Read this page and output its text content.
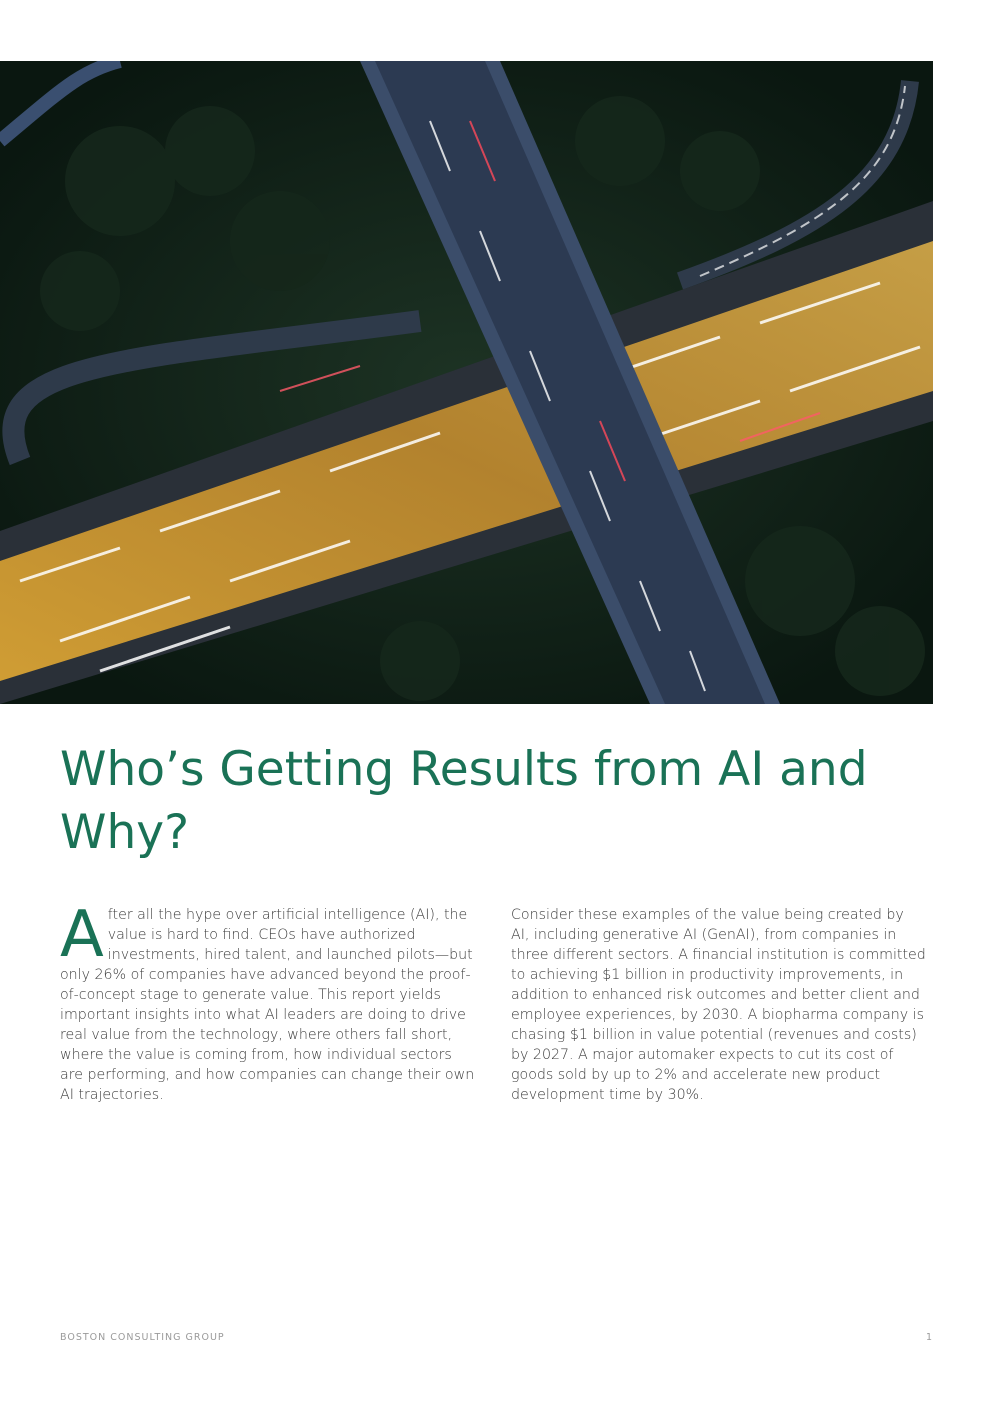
Who’s Getting Results from AI and Why?

After all the hype over artificial intelligence (AI), the value is hard to find. CEOs have authorized investments, hired talent, and launched pilots—but only 26% of companies have advanced beyond the proof-of-concept stage to generate value. This report yields important insights into what AI leaders are doing to drive real value from the technology, where others fall short, where the value is coming from, how individual sectors are performing, and how companies can change their own AI trajectories.

Consider these examples of the value being created by AI, including generative AI (GenAI), from companies in three different sectors. A financial institution is committed to achieving $1 billion in productivity improvements, in addition to enhanced risk outcomes and better client and employee experiences, by 2030. A biopharma company is chasing $1 billion in value potential (revenues and costs) by 2027. A major automaker expects to cut its cost of goods sold by up to 2% and accelerate new product development time by 30%.

BOSTON CONSULTING GROUP	1
